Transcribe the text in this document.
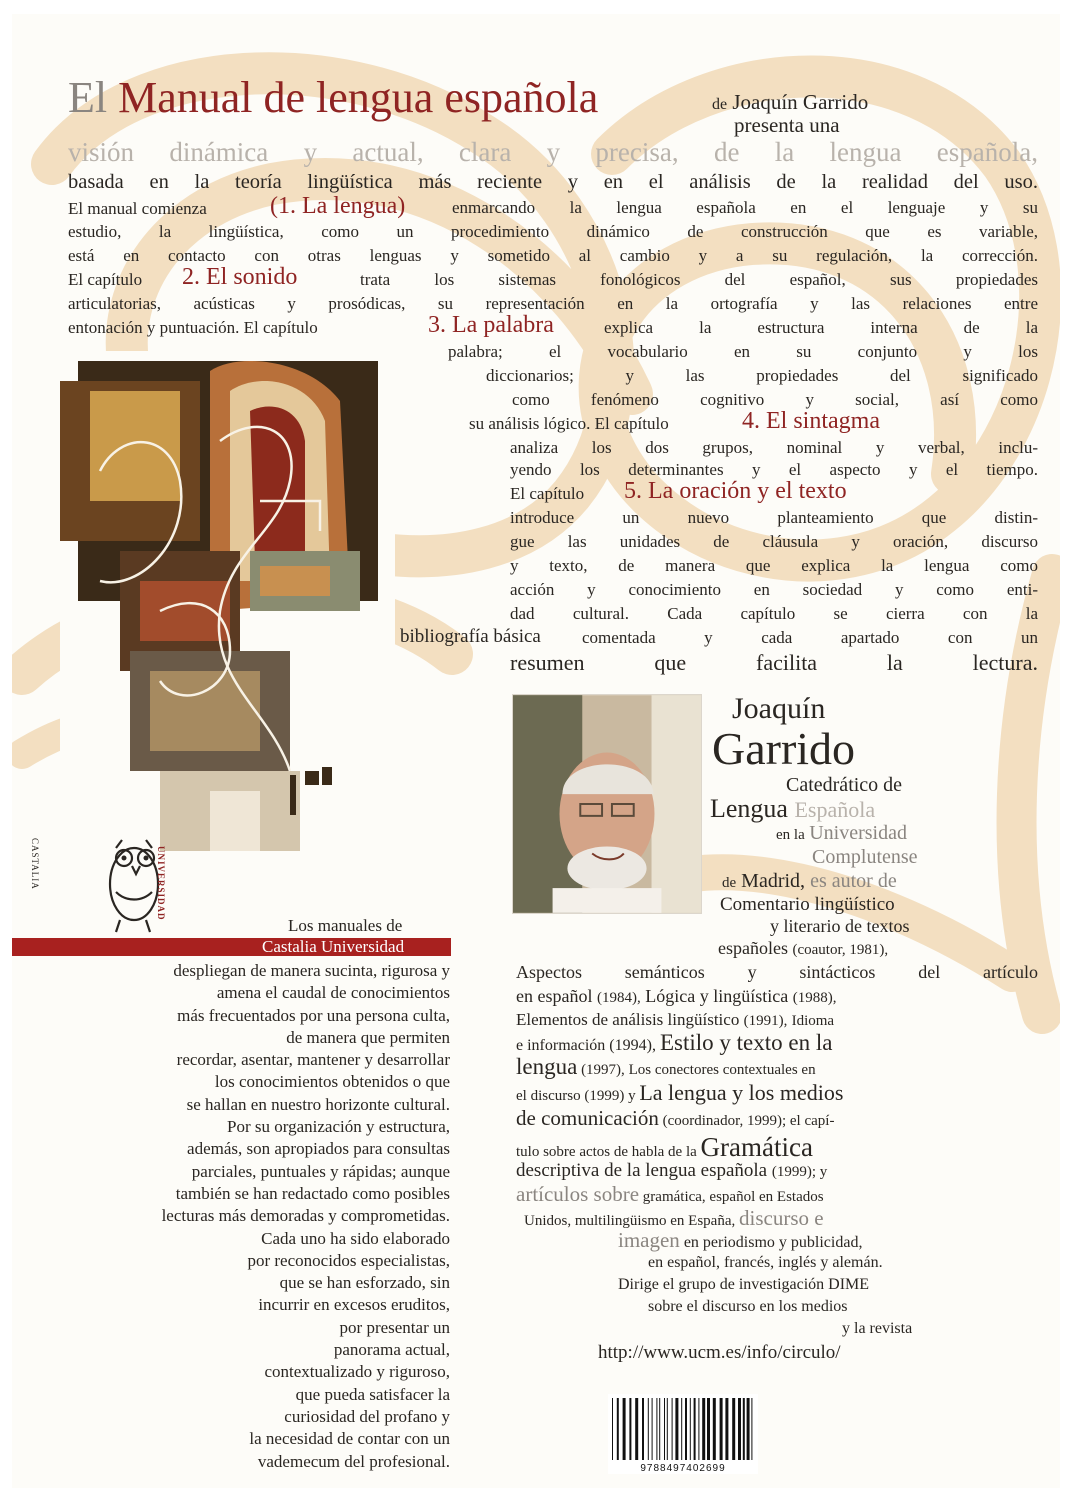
El Manual de lengua española	de Joaquín Garrido
presenta una
visión dinámica y actual, clara y precisa, de la lengua española,
basada en la teoría lingüística más reciente y en el análisis de la realidad del uso.
El manual comienza	(1. La lengua)	enmarcando la lengua española en el lenguaje y su
estudio, la lingüística, como un procedimiento dinámico de construcción que es variable,
está en contacto con otras lenguas y sometido al cambio y a su regulación, la corrección.
El capítulo 2. El sonido	trata los sistemas fonológicos del español, sus propiedades
articulatorias, acústicas y prosódicas, su representación en la ortografía y las relaciones entre
entonación y puntuación. El capítulo	3. La palabra	explica la estructura interna de la
palabra; el vocabulario en su conjunto y los
diccionarios; y las propiedades del significado
como fenómeno cognitivo y social, así como
su análisis lógico. El capítulo	4. El sintagma
analiza los dos grupos, nominal y verbal, inclu-
yendo los determinantes y el aspecto y el tiempo.
El capítulo 5. La oración y el texto
introduce un nuevo planteamiento que distin-
gue las unidades de cláusula y oración, discurso
y texto, de manera que explica la lengua como
acción y conocimiento en sociedad y como enti-
dad cultural. Cada capítulo se cierra con la
bibliografía básica comentada y cada apartado con un
resumen que facilita la lectura.
Joaquín
Garrido
Catedrático de
Lengua Española
en la Universidad
Complutense
de Madrid, es autor de
Comentario lingüístico
y literario de textos
españoles (coautor, 1981),
Aspectos semánticos y sintácticos del artículo
en español (1984), Lógica y lingüística (1988),
Elementos de análisis lingüístico (1991), Idioma
e información (1994), Estilo y texto en la
lengua (1997), Los conectores contextuales en
el discurso (1999) y La lengua y los medios
de comunicación (coordinador, 1999); el capí-
tulo sobre actos de habla de la Gramática
descriptiva de la lengua española (1999); y
artículos sobre gramática, español en Estados
Unidos, multilingüismo en España, discurso e
imagen en periodismo y publicidad,
en español, francés, inglés y alemán.
Dirige el grupo de investigación DIME
sobre el discurso en los medios
y la revista
http://www.ucm.es/info/circulo/
CASTALIA	UNIVERSIDAD
Los manuales de
Castalia Universidad
despliegan de manera sucinta, rigurosa y
amena el caudal de conocimientos
más frecuentados por una persona culta,
de manera que permiten
recordar, asentar, mantener y desarrollar
los conocimientos obtenidos o que
se hallan en nuestro horizonte cultural.
Por su organización y estructura,
además, son apropiados para consultas
parciales, puntuales y rápidas; aunque
también se han redactado como posibles
lecturas más demoradas y comprometidas.
Cada uno ha sido elaborado
por reconocidos especialistas,
que se han esforzado, sin
incurrir en excesos eruditos,
por presentar un
panorama actual,
contextualizado y riguroso,
que pueda satisfacer la
curiosidad del profano y
la necesidad de contar con un
vademecum del profesional.	9788497402699
